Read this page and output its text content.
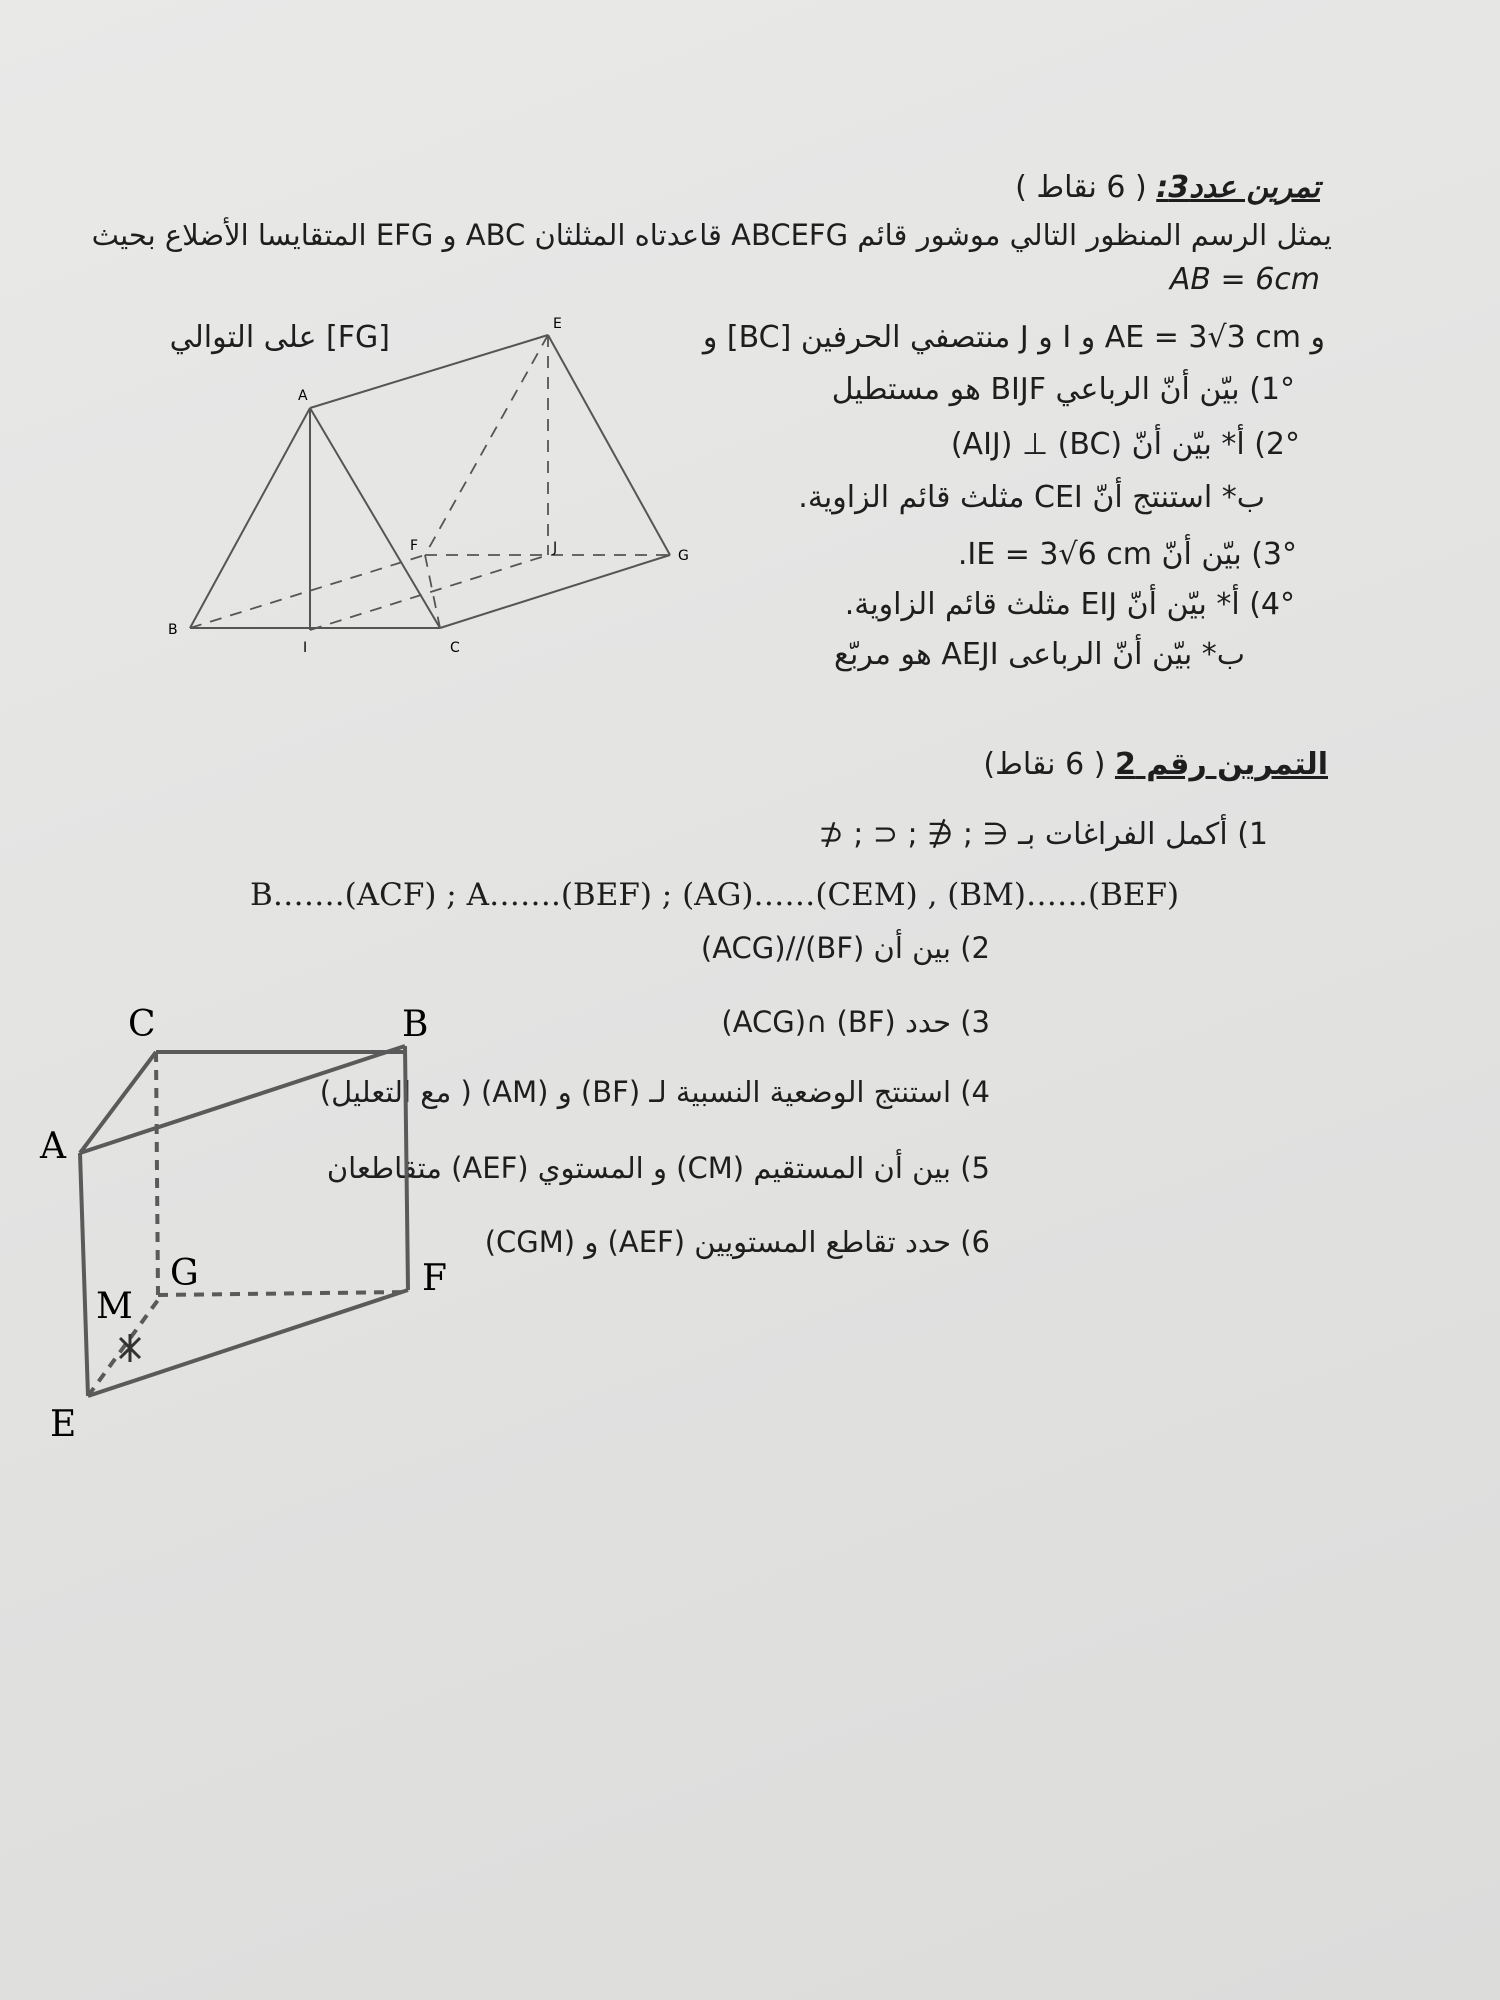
تمرين عدد3: ( 6 نقاط )
يمثل الرسم المنظور التالي موشور قائم ABCEFG قاعدتاه المثلثان ABC و EFG المتقايسا الأضلاع بحيث
AB = 6cm
و AE = 3√3 cm و I و J منتصفي الحرفين [BC] و
[FG] على التوالي
1°) بيّن أنّ الرباعي BIJF هو مستطيل
2°) أ* بيّن أنّ (BC) ⊥ (AIJ)
ب* استنتج أنّ CEI مثلث قائم الزاوية.
3°) بيّن أنّ IE = 3√6 cm.
4°) أ* بيّن أنّ EIJ مثلث قائم الزاوية.
ب* بيّن أنّ الرباعى AEJI هو مربّع
A
E
B
C
I
F	J	G
التمرين رقم 2 ( 6 نقاط)
1) أكمل الفراغات بـ ∈ ; ∉ ; ⊂ ; ⊄
B…….(ACF) ; A…….(BEF) ; (AG)……(CEM) , (BM)……(BEF)
2) بين أن (BF)//(ACG)
3) حدد (BF) ∩(ACG)
4) استنتج الوضعية النسبية لـ (BF) و (AM) ( مع التعليل)
5) بين أن المستقيم (CM) و المستوي (AEF) متقاطعان
6) حدد تقاطع المستويين (AEF) و (CGM)
C	B
A
G
M
F
E
